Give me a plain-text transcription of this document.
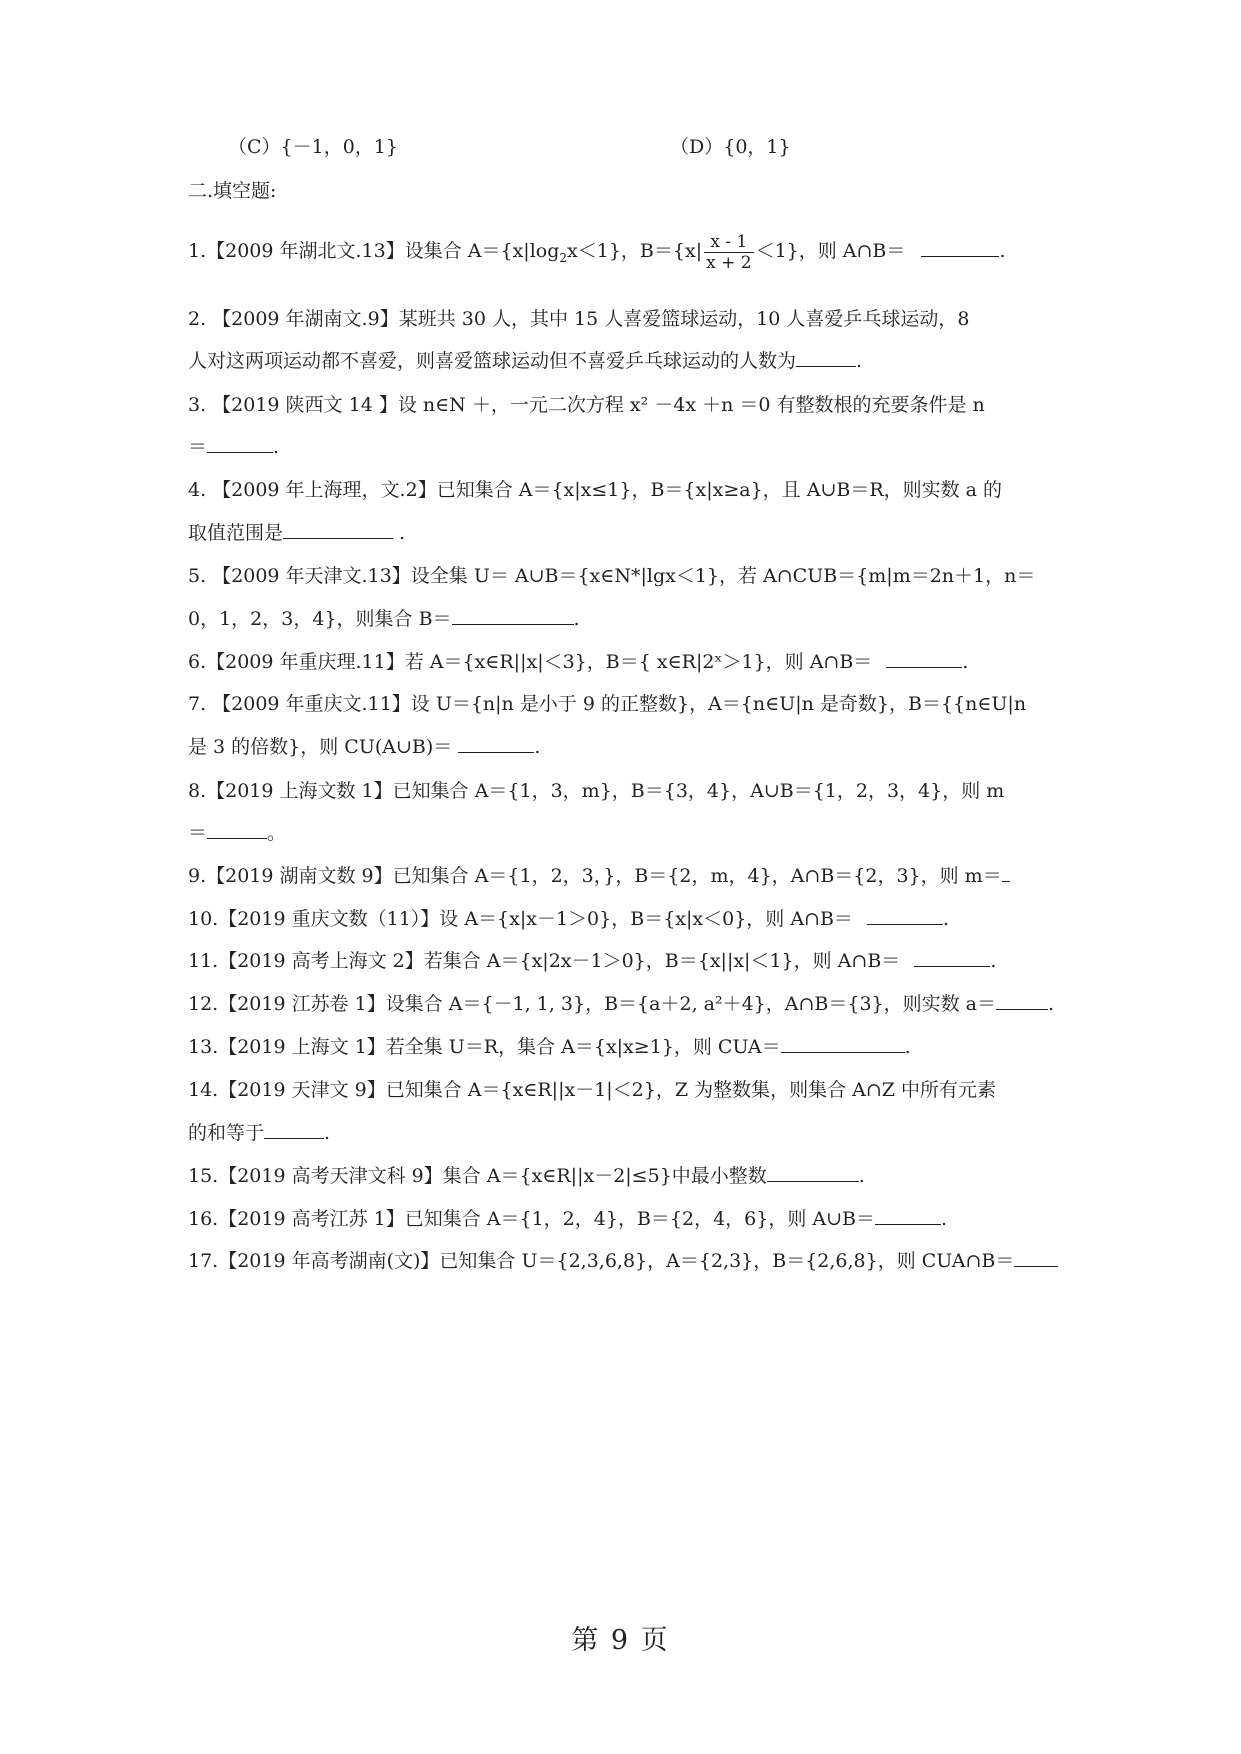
（C）{－1，0，1}	（D）{0，1}
二.填空题:
1.【2009 年湖北文.13】设集合 $A=\{x|\log_2x<1\}$，$B=\{x| \frac{x - 1}{x + 2} <1\}$，则 A∩B＝	.
2. 【2009 年湖南文.9】某班共 30 人，其中 15 人喜爱篮球运动，10 人喜爱乒乓球运动，8
人对这两项运动都不喜爱，则喜爱篮球运动但不喜爱乒乓球运动的人数为	.
3. 【2019 陕西文 14 】设 n∈N ＋，一元二次方程 x² －4x ＋n ＝0 有整数根的充要条件是 n
＝	.
4. 【2009 年上海理，文.2】已知集合 A＝{x|x≤1}，B＝{x|x≥a}，且 A∪B＝R，则实数 a 的
取值范围是	.
5. 【2009 年天津文.13】设全集 U＝ A∪B＝{x∈N*|lgx＜1}，若 A∩CUB＝{m|m＝2n＋1，n＝
0，1，2，3，4}，则集合 B＝	.
6.【2009 年重庆理.11】若 A＝{x∈R||x|＜3}，B＝{ x∈R|2ˣ＞1}，则 A∩B＝	.
7. 【2009 年重庆文.11】设 U＝{n|n 是小于 9 的正整数}，A＝{n∈U|n 是奇数}，B＝{{n∈U|n
是 3 的倍数}，则 CU(A∪B)＝	.
8.【2019 上海文数 1】已知集合 A＝{1，3，m}，B＝{3，4}，A∪B＝{1，2，3，4}，则 m
＝	。
9.【2019 湖南文数 9】已知集合 A＝{1，2，3，}，B＝{2，m，4}，A∩B＝{2，3}，则 m＝
10.【2019 重庆文数（11）】设 A＝{x|x－1＞0}，B＝{x|x＜0}，则 A∩B＝	.
11.【2019 高考上海文 2】若集合 A＝{x|2x－1＞0}，B＝{x||x|＜1}，则 A∩B＝	.
12.【2019 江苏卷 1】设集合 A＝{－1, 1, 3}，B＝{a＋2, a²＋4}，A∩B＝{3}，则实数 a＝	.
13.【2019 上海文 1】若全集 U＝R，集合 A＝{x|x≥1}，则 CUA＝	.
14.【2019 天津文 9】已知集合 A＝{x∈R||x－1|＜2}，Z 为整数集，则集合 A∩Z 中所有元素
的和等于	.
15.【2019 高考天津文科 9】集合 A＝{x∈R||x－2|≤5}中最小整数	.
16.【2019 高考江苏 1】已知集合 A＝{1，2，4}，B＝{2，4，6}，则 A∪B＝	.
17.【2019 年高考湖南(文)】已知集合 U＝{2,3,6,8}，A＝{2,3}，B＝{2,6,8}，则 CUA∩B＝
第 9 页
